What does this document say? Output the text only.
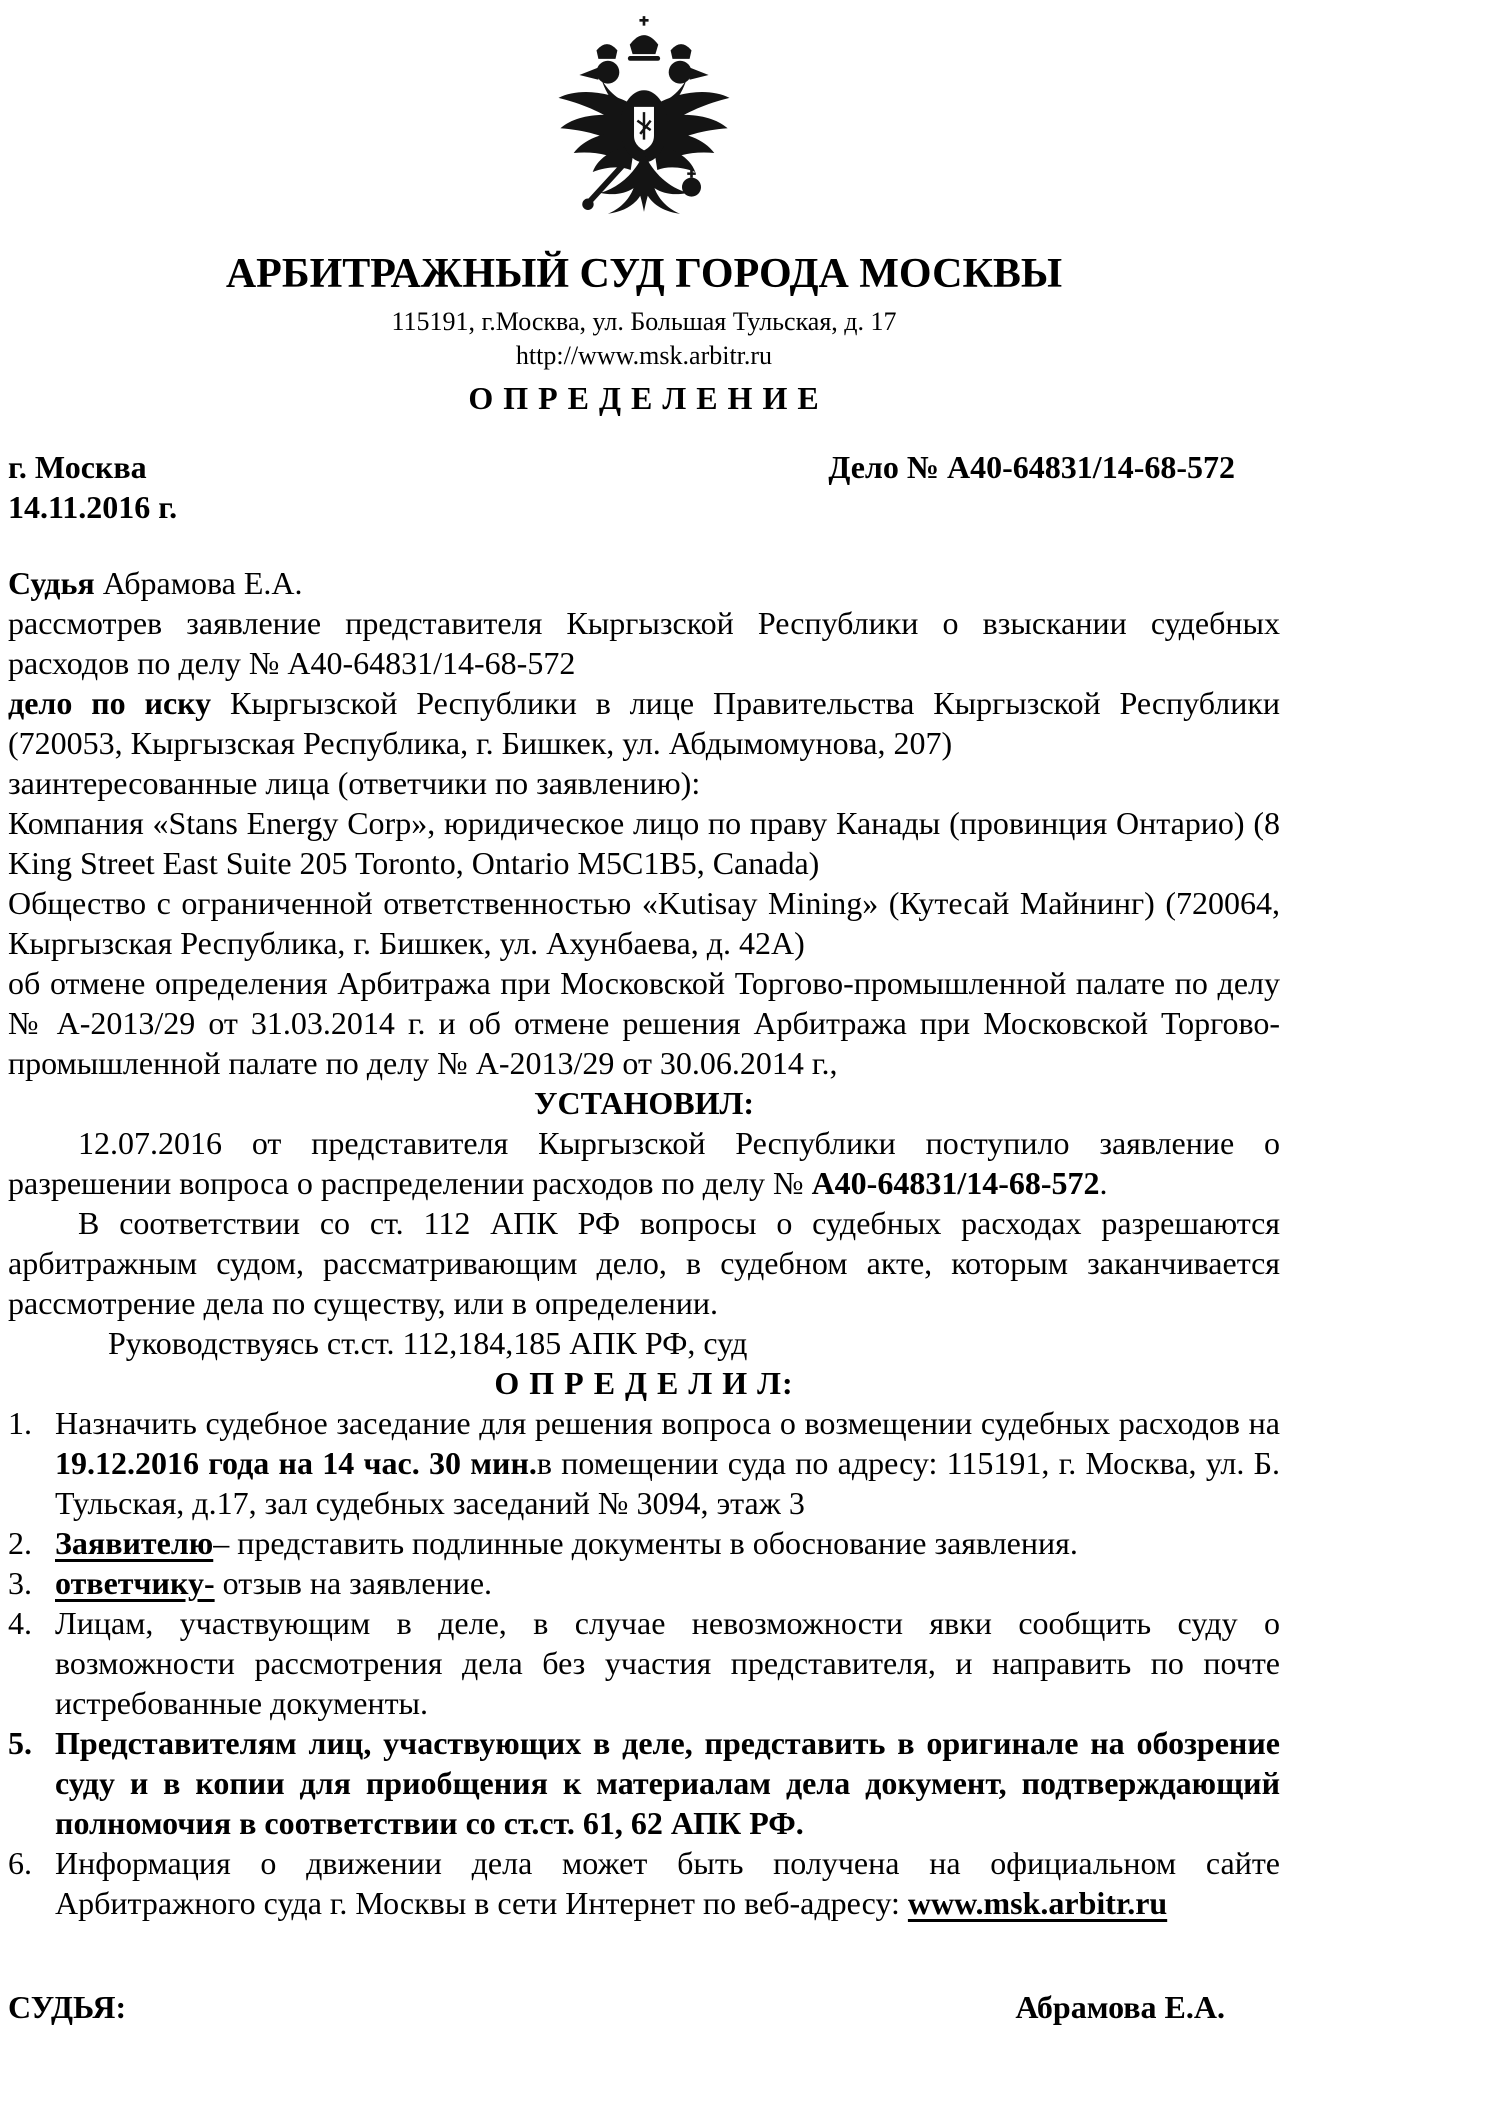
АРБИТРАЖНЫЙ СУД ГОРОДА МОСКВЫ
115191, г.Москва, ул. Большая Тульская, д. 17
http://www.msk.arbitr.ru
О П Р Е Д Е Л Е Н И Е
г. Москва	Дело № А40-64831/14-68-572
14.11.2016 г.
Судья Абрамова Е.А.
рассмотрев заявление представителя Кыргызской Республики о взыскании судебных расходов по делу № А40-64831/14-68-572
дело по иску Кыргызской Республики в лице Правительства Кыргызской Республики (720053, Кыргызская Республика, г. Бишкек, ул. Абдымомунова, 207)
заинтересованные лица (ответчики по заявлению):
Компания «Stans Energy Corp», юридическое лицо по праву Канады (провинция Онтарио) (8 King Street East Suite 205 Toronto, Ontario M5C1B5, Canada)
Общество с ограниченной ответственностью «Kutisay Mining» (Кутесай Майнинг) (720064, Кыргызская Республика, г. Бишкек, ул. Ахунбаева, д. 42А)
об отмене определения Арбитража при Московской Торгово-промышленной палате по делу № А-2013/29 от 31.03.2014 г. и об отмене решения Арбитража при Московской Торгово-промышленной палате по делу № А-2013/29 от 30.06.2014 г.,
УСТАНОВИЛ:
12.07.2016 от представителя Кыргызской Республики поступило заявление о разрешении вопроса о распределении расходов по делу № А40-64831/14-68-572.
В соответствии со ст. 112 АПК РФ вопросы о судебных расходах разрешаются арбитражным судом, рассматривающим дело, в судебном акте, которым заканчивается рассмотрение дела по существу, или в определении.
Руководствуясь ст.ст. 112,184,185 АПК РФ, суд
О П Р Е Д Е Л И Л:
1. Назначить судебное заседание для решения вопроса о возмещении судебных расходов на 19.12.2016 года на 14 час. 30 мин.в помещении суда по адресу: 115191, г. Москва, ул. Б. Тульская, д.17, зал судебных заседаний № 3094, этаж 3
2. Заявителю– представить подлинные документы в обоснование заявления.
3. ответчику- отзыв на заявление.
4. Лицам, участвующим в деле, в случае невозможности явки сообщить суду о возможности рассмотрения дела без участия представителя, и направить по почте истребованные документы.
5. Представителям лиц, участвующих в деле, представить в оригинале на обозрение суду и в копии для приобщения к материалам дела документ, подтверждающий полномочия в соответствии со ст.ст. 61, 62 АПК РФ.
6. Информация о движении дела может быть получена на официальном сайте Арбитражного суда г. Москвы в сети Интернет по веб-адресу: www.msk.arbitr.ru
СУДЬЯ:	Абрамова Е.А.
